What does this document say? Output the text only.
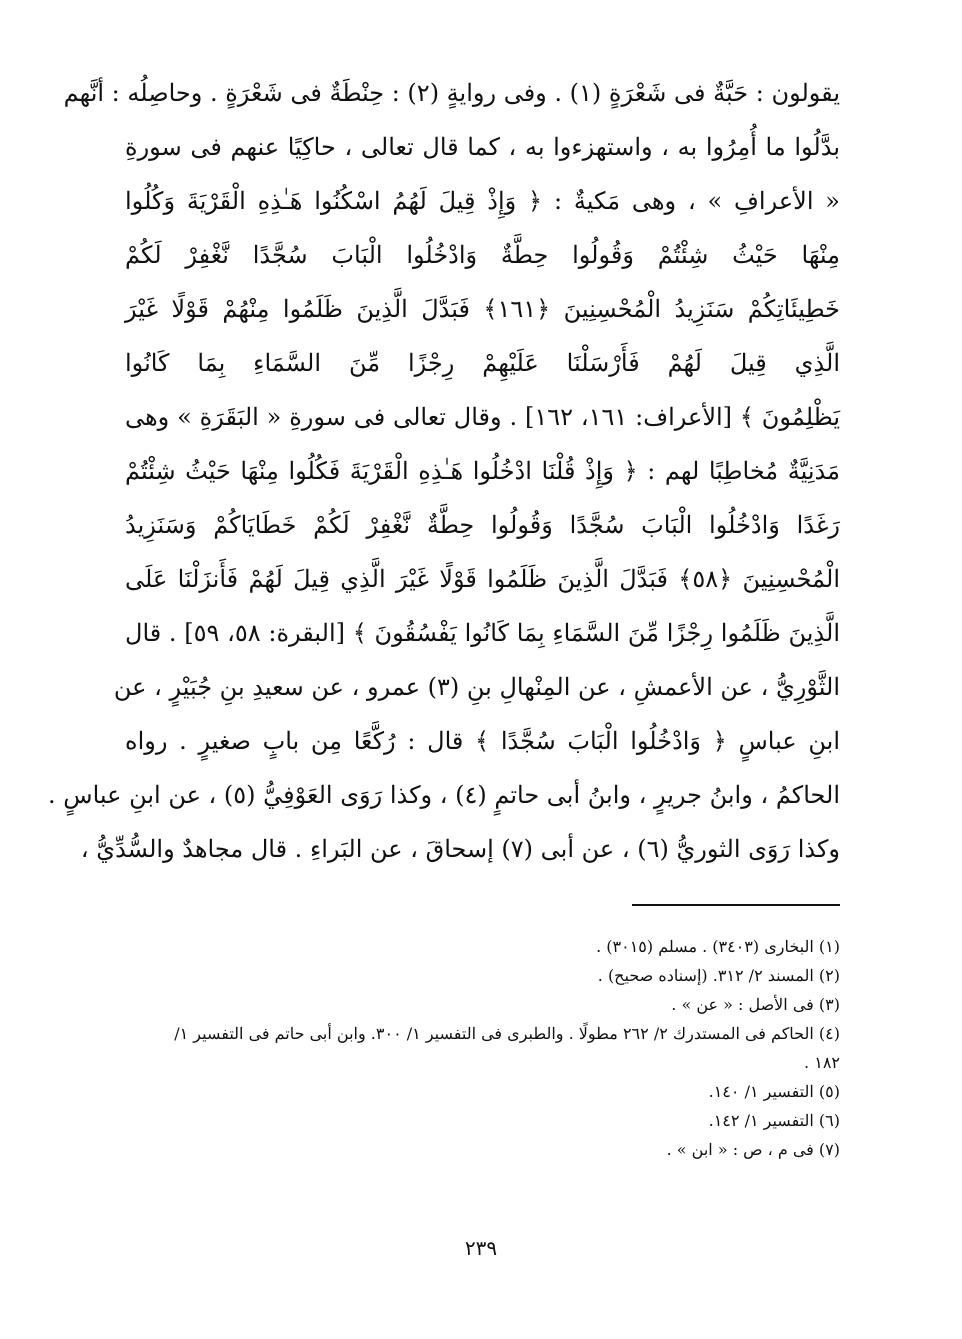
يقولون : حَبَّةٌ فى شَعْرَةٍ (١) . وفى روايةٍ (٢) : حِنْطَةٌ فى شَعْرَةٍ . وحاصِلُه : أنَّهم
بدَّلُوا ما أُمِرُوا به ، واستهزءوا به ، كما قال تعالى ، حاكِيًا عنهم فى سورةِ
« الأعرافِ » ، وهى مَكيةٌ : ﴿ وَإِذْ قِيلَ لَهُمُ اسْكُنُوا هَـٰذِهِ الْقَرْيَةَ وَكُلُوا
مِنْهَا حَيْثُ شِئْتُمْ وَقُولُوا حِطَّةٌ وَادْخُلُوا الْبَابَ سُجَّدًا نَّغْفِرْ لَكُمْ
خَطِيئَاتِكُمْ سَنَزِيدُ الْمُحْسِنِينَ ﴿١٦١﴾ فَبَدَّلَ الَّذِينَ ظَلَمُوا مِنْهُمْ قَوْلًا غَيْرَ
الَّذِي قِيلَ لَهُمْ فَأَرْسَلْنَا عَلَيْهِمْ رِجْزًا مِّنَ السَّمَاءِ بِمَا كَانُوا
يَظْلِمُونَ ﴾ [الأعراف: ١٦١، ١٦٢] . وقال تعالى فى سورةِ « البَقَرَةِ » وهى
مَدَنِيَّةٌ مُخاطِبًا لهم : ﴿ وَإِذْ قُلْنَا ادْخُلُوا هَـٰذِهِ الْقَرْيَةَ فَكُلُوا مِنْهَا حَيْثُ شِئْتُمْ
رَغَدًا وَادْخُلُوا الْبَابَ سُجَّدًا وَقُولُوا حِطَّةٌ نَّغْفِرْ لَكُمْ خَطَايَاكُمْ وَسَنَزِيدُ
الْمُحْسِنِينَ ﴿٥٨﴾ فَبَدَّلَ الَّذِينَ ظَلَمُوا قَوْلًا غَيْرَ الَّذِي قِيلَ لَهُمْ فَأَنزَلْنَا عَلَى
الَّذِينَ ظَلَمُوا رِجْزًا مِّنَ السَّمَاءِ بِمَا كَانُوا يَفْسُقُونَ ﴾ [البقرة: ٥٨، ٥٩] . قال
الثَّوْرِيُّ ، عن الأعمشِ ، عن المِنْهالِ بنِ (٣) عمرو ، عن سعيدِ بنِ جُبَيْرٍ ، عن
ابنِ عباسٍ ﴿ وَادْخُلُوا الْبَابَ سُجَّدًا ﴾ قال : رُكَّعًا مِن بابٍ صغيرٍ . رواه
الحاكمُ ، وابنُ جريرٍ ، وابنُ أبى حاتمٍ (٤) ، وكذا رَوَى العَوْفِيُّ (٥) ، عن ابنِ عباسٍ .
وكذا رَوَى الثوريُّ (٦) ، عن أبى (٧) إسحاقَ ، عن البَراءِ . قال مجاهدٌ والسُّدِّيُّ ،
(١) البخارى (٣٤٠٣) . مسلم (٣٠١٥) .
(٢) المسند ٢/ ٣١٢. (إسناده صحيح) .
(٣) فى الأصل : « عن » .
(٤) الحاكم فى المستدرك ٢/ ٢٦٢ مطولًا . والطبرى فى التفسير ١/ ٣٠٠. وابن أبى حاتم فى التفسير ١/
١٨٢ .
(٥) التفسير ١/ ١٤٠.
(٦) التفسير ١/ ١٤٢.
(٧) فى م ، ص : « ابن » .
٢٣٩
